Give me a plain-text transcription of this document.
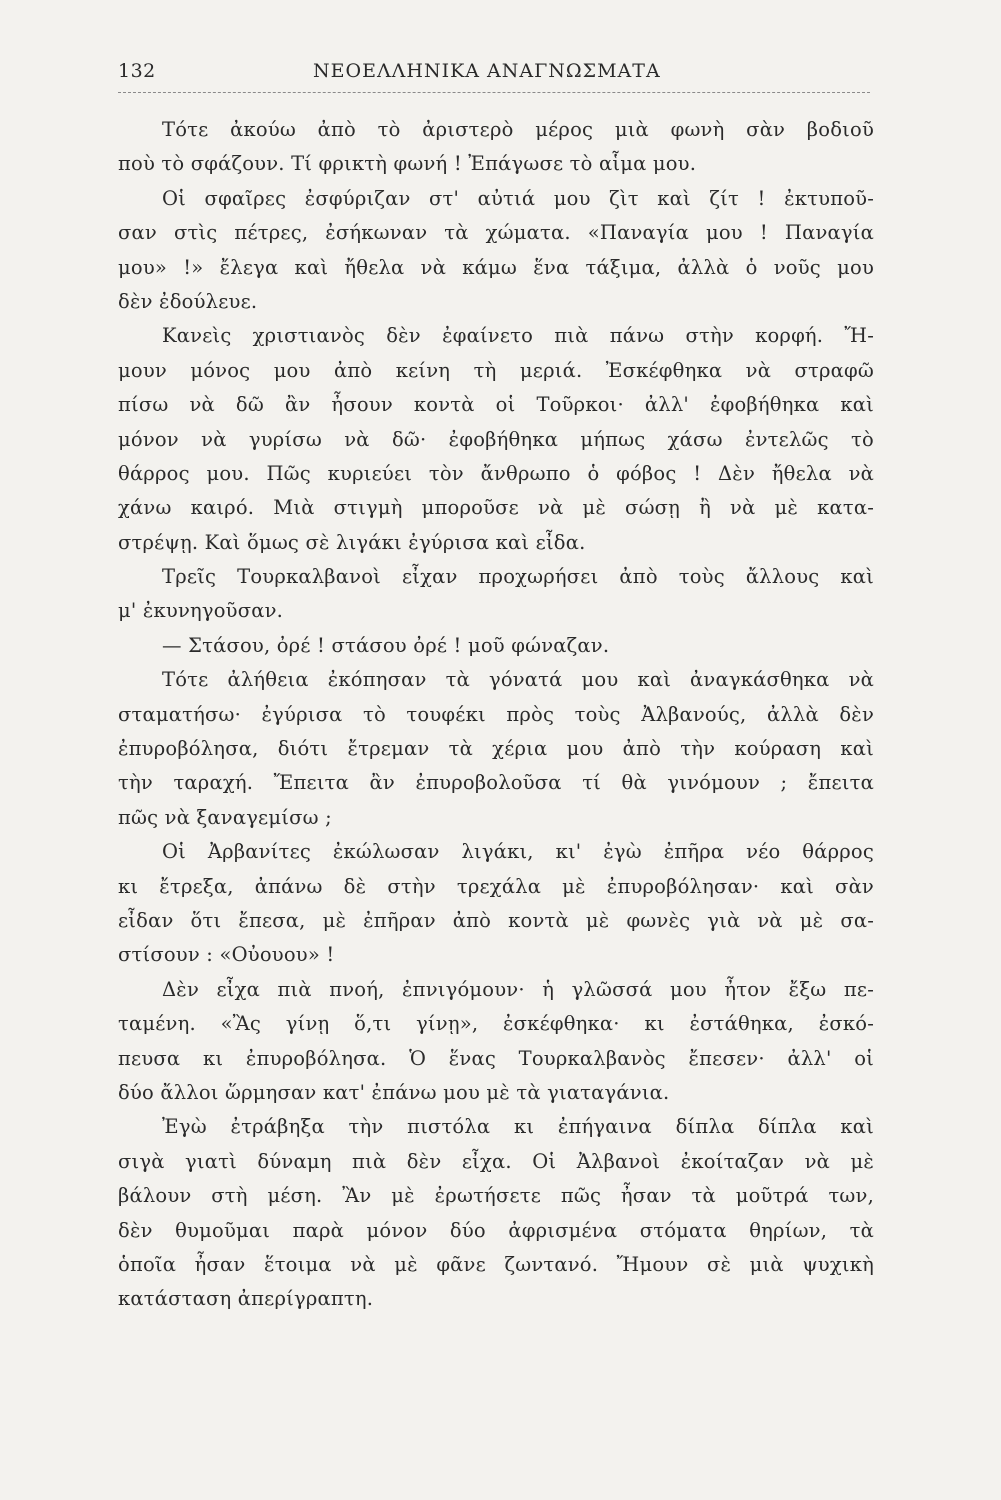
132	ΝΕΟΕΛΛΗΝΙΚΑ ΑΝΑΓΝΩΣΜΑΤΑ
Τότε ἀκούω ἀπὸ τὸ ἀριστερὸ μέρος μιὰ φωνὴ σὰν βοδιοῦ
ποὺ τὸ σφάζουν. Τί φρικτὴ φωνή ! Ἐπάγωσε τὸ αἷμα μου.
Οἱ σφαῖρες ἐσφύριζαν στ' αὐτιά μου ζὶτ καὶ ζίτ ! ἐκτυποῦ-
σαν στὶς πέτρες, ἐσήκωναν τὰ χώματα. «Παναγία μου ! Παναγία
μου» !» ἔλεγα καὶ ἤθελα νὰ κάμω ἕνα τάξιμα, ἀλλὰ ὁ νοῦς μου
δὲν ἐδούλευε.
Κανεὶς χριστιανὸς δὲν ἐφαίνετο πιὰ πάνω στὴν κορφή. Ἤ-
μουν μόνος μου ἀπὸ κείνη τὴ μεριά. Ἐσκέφθηκα νὰ στραφῶ
πίσω νὰ δῶ ἂν ἦσουν κοντὰ οἱ Τοῦρκοι· ἀλλ' ἐφοβήθηκα καὶ
μόνον νὰ γυρίσω νὰ δῶ· ἐφοβήθηκα μήπως χάσω ἐντελῶς τὸ
θάρρος μου. Πῶς κυριεύει τὸν ἄνθρωπο ὁ φόβος ! Δὲν ἤθελα νὰ
χάνω καιρό. Μιὰ στιγμὴ μποροῦσε νὰ μὲ σώσῃ ἢ νὰ μὲ κατα-
στρέψῃ. Καὶ ὅμως σὲ λιγάκι ἐγύρισα καὶ εἶδα.
Τρεῖς Τουρκαλβανοὶ εἶχαν προχωρήσει ἀπὸ τοὺς ἄλλους καὶ
μ' ἐκυνηγοῦσαν.
— Στάσου, ὀρέ ! στάσου ὀρέ ! μοῦ φώναζαν.
Τότε ἀλήθεια ἐκόπησαν τὰ γόνατά μου καὶ ἀναγκάσθηκα νὰ
σταματήσω· ἐγύρισα τὸ τουφέκι πρὸς τοὺς Ἀλβανούς, ἀλλὰ δὲν
ἐπυροβόλησα, διότι ἔτρεμαν τὰ χέρια μου ἀπὸ τὴν κούραση καὶ
τὴν ταραχή. Ἔπειτα ἂν ἐπυροβολοῦσα τί θὰ γινόμουν ; ἔπειτα
πῶς νὰ ξαναγεμίσω ;
Οἱ Ἀρβανίτες ἐκώλωσαν λιγάκι, κι' ἐγὼ ἐπῆρα νέο θάρρος
κι ἔτρεξα, ἀπάνω δὲ στὴν τρεχάλα μὲ ἐπυροβόλησαν· καὶ σὰν
εἶδαν ὅτι ἔπεσα, μὲ ἐπῆραν ἀπὸ κοντὰ μὲ φωνὲς γιὰ νὰ μὲ σα-
στίσουν : «Οὐουου» !
Δὲν εἶχα πιὰ πνοή, ἐπνιγόμουν· ἡ γλῶσσά μου ἦτον ἔξω πε-
ταμένη. «Ἂς γίνῃ ὅ,τι γίνῃ», ἐσκέφθηκα· κι ἐστάθηκα, ἐσκό-
πευσα κι ἐπυροβόλησα. Ὁ ἕνας Τουρκαλβανὸς ἔπεσεν· ἀλλ' οἱ
δύο ἄλλοι ὥρμησαν κατ' ἐπάνω μου μὲ τὰ γιαταγάνια.
Ἐγὼ ἐτράβηξα τὴν πιστόλα κι ἐπήγαινα δίπλα δίπλα καὶ
σιγὰ γιατὶ δύναμη πιὰ δὲν εἶχα. Οἱ Ἀλβανοὶ ἐκοίταζαν νὰ μὲ
βάλουν στὴ μέση. Ἂν μὲ ἐρωτήσετε πῶς ἦσαν τὰ μοῦτρά των,
δὲν θυμοῦμαι παρὰ μόνον δύο ἀφρισμένα στόματα θηρίων, τὰ
ὁποῖα ἦσαν ἕτοιμα νὰ μὲ φᾶνε ζωντανό. Ἤμουν σὲ μιὰ ψυχικὴ
κατάσταση ἀπερίγραπτη.
